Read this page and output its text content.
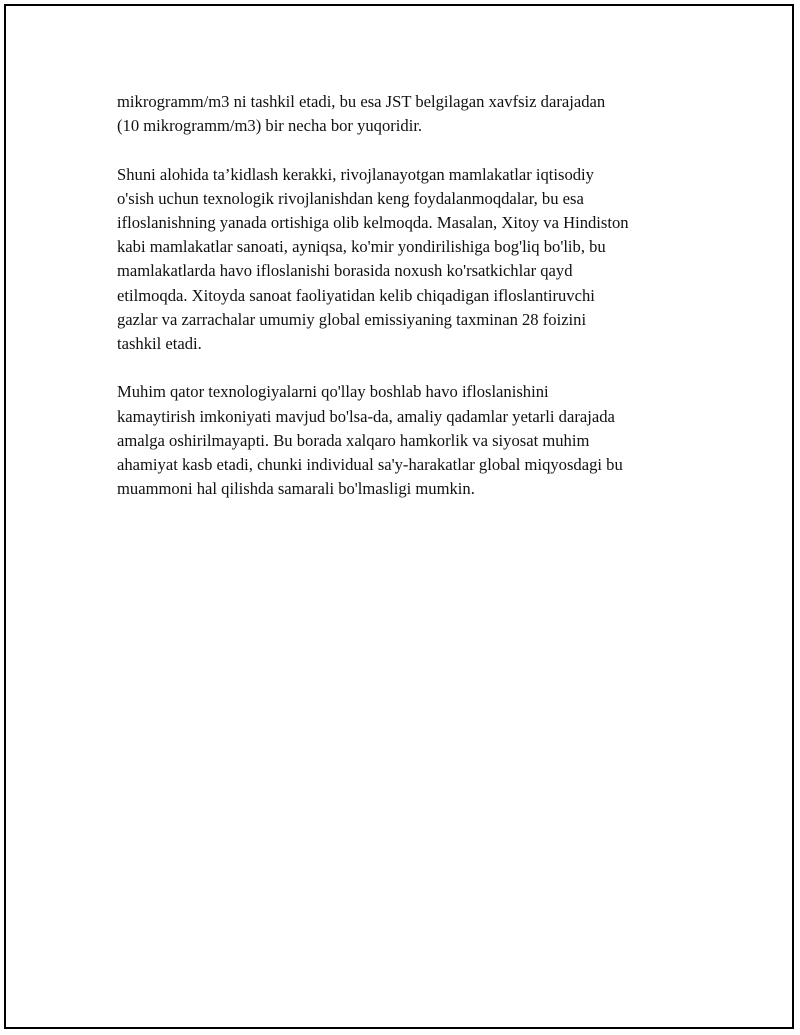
mikrogramm/m3 ni tashkil etadi, bu esa JST belgilagan xavfsiz darajadan
(10 mikrogramm/m3) bir necha bor yuqoridir.

Shuni alohida ta’kidlash kerakki, rivojlanayotgan mamlakatlar iqtisodiy
o'sish uchun texnologik rivojlanishdan keng foydalanmoqdalar, bu esa
ifloslanishning yanada ortishiga olib kelmoqda. Masalan, Xitoy va Hindiston
kabi mamlakatlar sanoati, ayniqsa, ko'mir yondirilishiga bog'liq bo'lib, bu
mamlakatlarda havo ifloslanishi borasida noxush ko'rsatkichlar qayd
etilmoqda. Xitoyda sanoat faoliyatidan kelib chiqadigan ifloslantiruvchi
gazlar va zarrachalar umumiy global emissiyaning taxminan 28 foizini
tashkil etadi.

Muhim qator texnologiyalarni qo'llay boshlab havo ifloslanishini
kamaytirish imkoniyati mavjud bo'lsa-da, amaliy qadamlar yetarli darajada
amalga oshirilmayapti. Bu borada xalqaro hamkorlik va siyosat muhim
ahamiyat kasb etadi, chunki individual sa'y-harakatlar global miqyosdagi bu
muammoni hal qilishda samarali bo'lmasligi mumkin.
